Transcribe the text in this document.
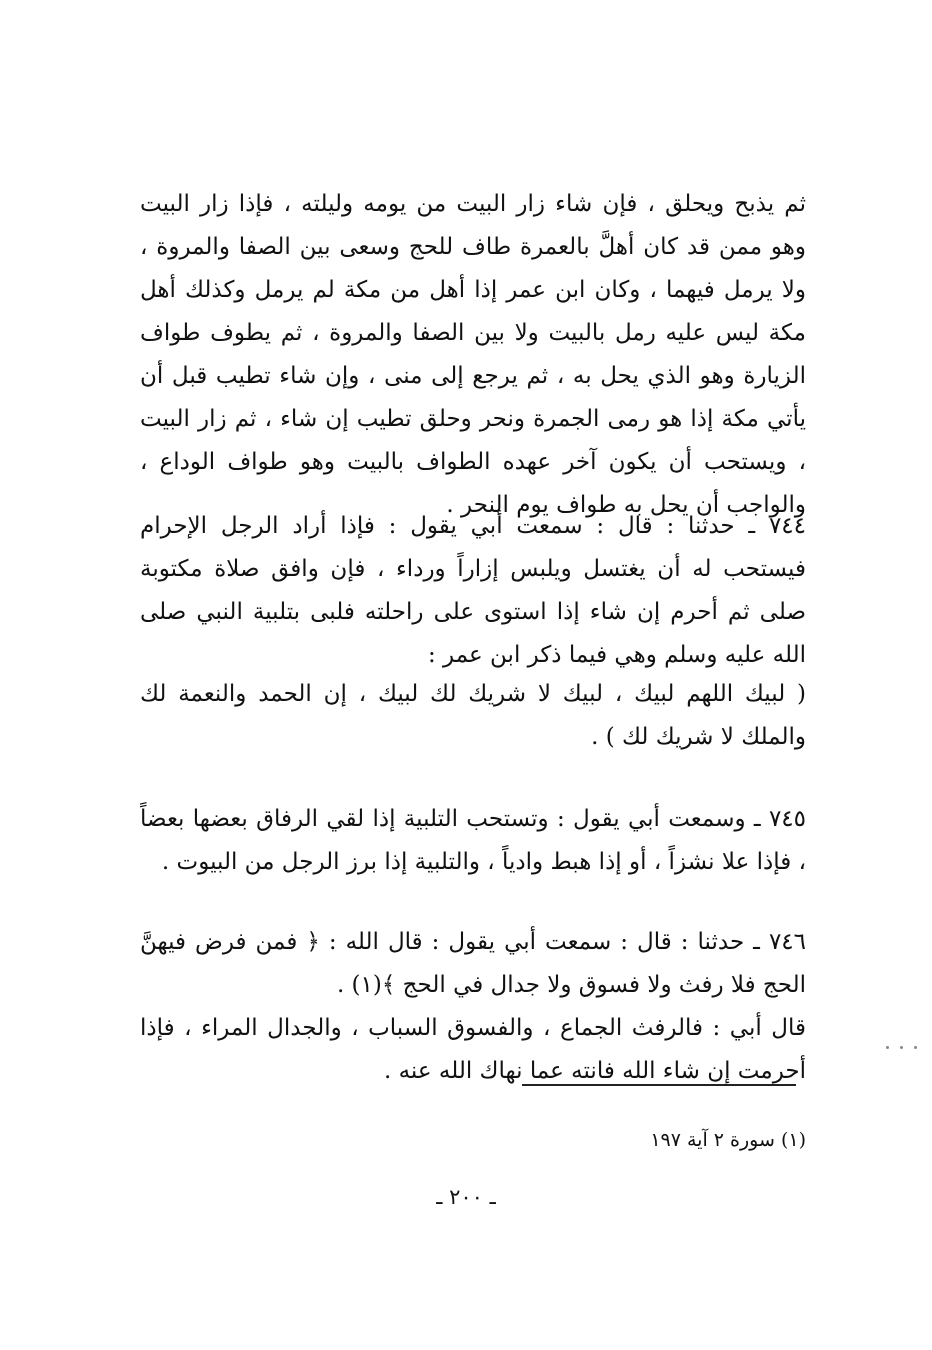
ثم يذبح ويحلق ، فإن شاء زار البيت من يومه وليلته ، فإذا زار البيت وهو ممن قد كان أهلَّ بالعمرة طاف للحج وسعى بين الصفا والمروة ، ولا يرمل فيهما ، وكان ابن عمر إذا أهل من مكة لم يرمل وكذلك أهل مكة ليس عليه رمل بالبيت ولا بين الصفا والمروة ، ثم يطوف طواف الزيارة وهو الذي يحل به ، ثم يرجع إلى منى ، وإن شاء تطيب قبل أن يأتي مكة إذا هو رمى الجمرة ونحر وحلق تطيب إن شاء ، ثم زار البيت ، ويستحب أن يكون آخر عهده الطواف بالبيت وهو طواف الوداع ، والواجب أن يحل به طواف يوم النحر .

٧٤٤ ـ حدثنا : قال : سمعت أبي يقول : فإذا أراد الرجل الإحرام فيستحب له أن يغتسل ويلبس إزاراً ورداء ، فإن وافق صلاة مكتوبة صلى ثم أحرم إن شاء إذا استوى على راحلته فلبى بتلبية النبي صلى الله عليه وسلم وهي فيما ذكر ابن عمر :

( لبيك اللهم لبيك ، لبيك لا شريك لك لبيك ، إن الحمد والنعمة لك والملك لا شريك لك ) .

٧٤٥ ـ وسمعت أبي يقول : وتستحب التلبية إذا لقي الرفاق بعضها بعضاً ، فإذا علا نشزاً ، أو إذا هبط وادياً ، والتلبية إذا برز الرجل من البيوت .

٧٤٦ ـ حدثنا : قال : سمعت أبي يقول : قال الله : ﴿ فمن فرض فيهنَّ الحج فلا رفث ولا فسوق ولا جدال في الحج ﴾(١) .

قال أبي : فالرفث الجماع ، والفسوق السباب ، والجدال المراء ، فإذا أحرمت إن شاء الله فانته عما نهاك الله عنه .

(١) سورة ٢ آية ١٩٧
ـ ٢٠٠ ـ
